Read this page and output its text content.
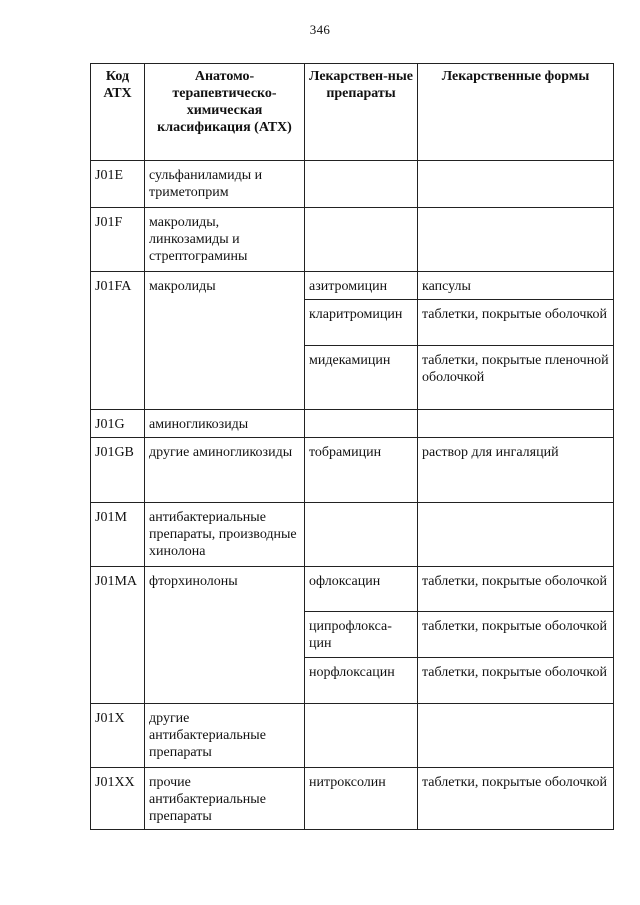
346
Код АТХ	Анатомо-терапевтическо-химическая класификация (АТХ)	Лекарствен-ные препараты	Лекарственные формы
J01E	сульфаниламиды и триметоприм		
J01F	макролиды, линкозамиды и стрептограмины		
J01FA	макролиды	азитромицин	капсулы
		кларитромицин	таблетки, покрытые оболочкой
		мидекамицин	таблетки, покрытые пленочной оболочкой
J01G	аминогликозиды		
J01GB	другие аминогликозиды	тобрамицин	раствор для ингаляций
J01M	антибактериальные препараты, производные хинолона		
J01MA	фторхинолоны	офлоксацин	таблетки, покрытые оболочкой
		ципрофлокса-цин	таблетки, покрытые оболочкой
		норфлоксацин	таблетки, покрытые оболочкой
J01X	другие антибактериальные препараты		
J01XX	прочие антибактериальные препараты	нитроксолин	таблетки, покрытые оболочкой
